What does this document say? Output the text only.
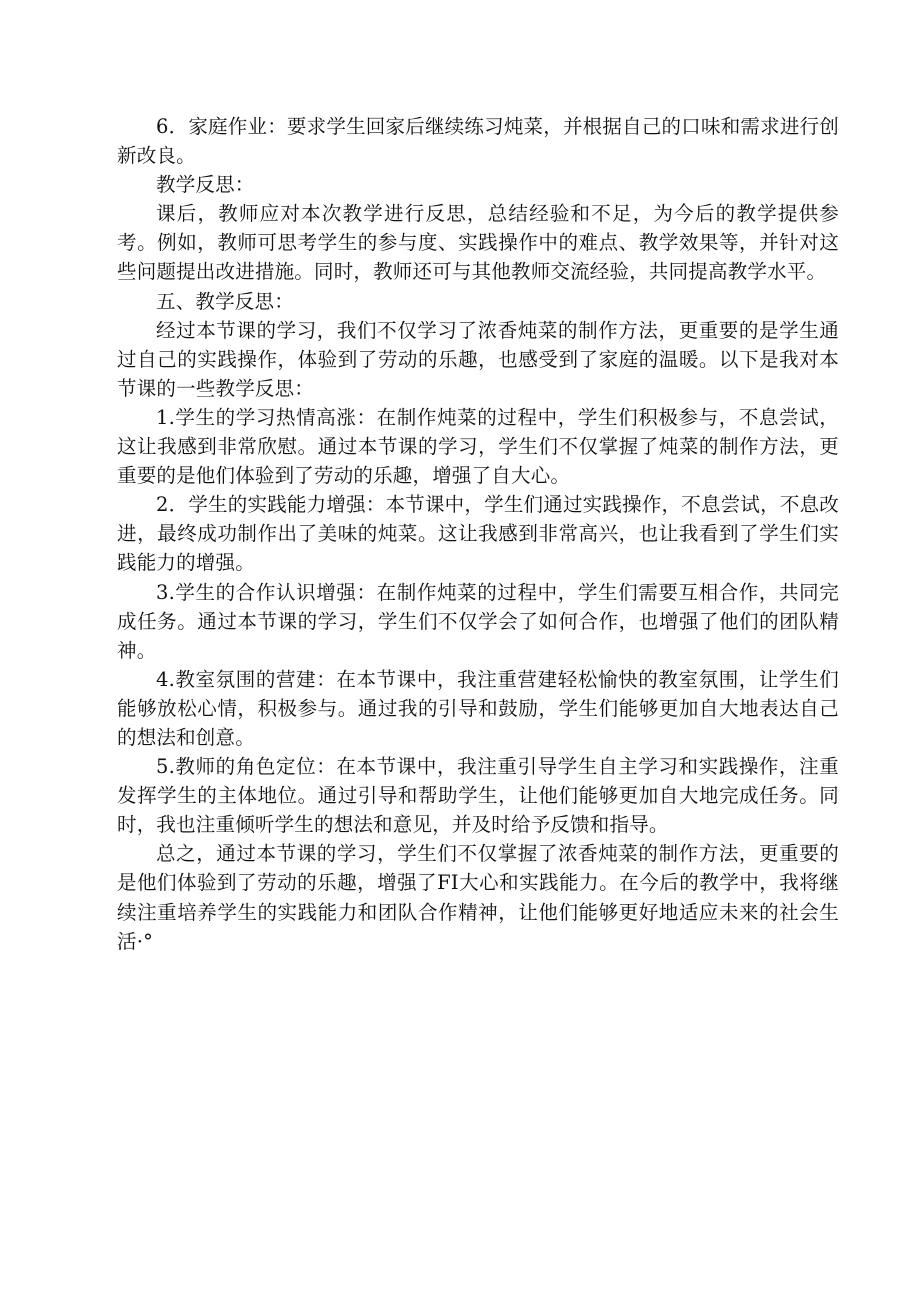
6．家庭作业：要求学生回家后继续练习炖菜，并根据自己的口味和需求进行创新改良。

教学反思：

课后，教师应对本次教学进行反思，总结经验和不足，为今后的教学提供参考。例如，教师可思考学生的参与度、实践操作中的难点、教学效果等，并针对这些问题提出改进措施。同时，教师还可与其他教师交流经验，共同提高教学水平。

五、教学反思：

经过本节课的学习，我们不仅学习了浓香炖菜的制作方法，更重要的是学生通过自己的实践操作，体验到了劳动的乐趣，也感受到了家庭的温暖。以下是我对本节课的一些教学反思：

1.学生的学习热情高涨：在制作炖菜的过程中，学生们积极参与，不息尝试，这让我感到非常欣慰。通过本节课的学习，学生们不仅掌握了炖菜的制作方法，更重要的是他们体验到了劳动的乐趣，增强了自大心。

2．学生的实践能力增强：本节课中，学生们通过实践操作，不息尝试，不息改进，最终成功制作出了美味的炖菜。这让我感到非常高兴，也让我看到了学生们实践能力的增强。

3.学生的合作认识增强：在制作炖菜的过程中，学生们需要互相合作，共同完成任务。通过本节课的学习，学生们不仅学会了如何合作，也增强了他们的团队精神。

4.教室氛围的营建：在本节课中，我注重营建轻松愉快的教室氛围，让学生们能够放松心情，积极参与。通过我的引导和鼓励，学生们能够更加自大地表达自己的想法和创意。

5.教师的角色定位：在本节课中，我注重引导学生自主学习和实践操作，注重发挥学生的主体地位。通过引导和帮助学生，让他们能够更加自大地完成任务。同时，我也注重倾听学生的想法和意见，并及时给予反馈和指导。

总之，通过本节课的学习，学生们不仅掌握了浓香炖菜的制作方法，更重要的是他们体验到了劳动的乐趣，增强了FI大心和实践能力。在今后的教学中，我将继续注重培养学生的实践能力和团队合作精神，让他们能够更好地适应未来的社会生活·°
